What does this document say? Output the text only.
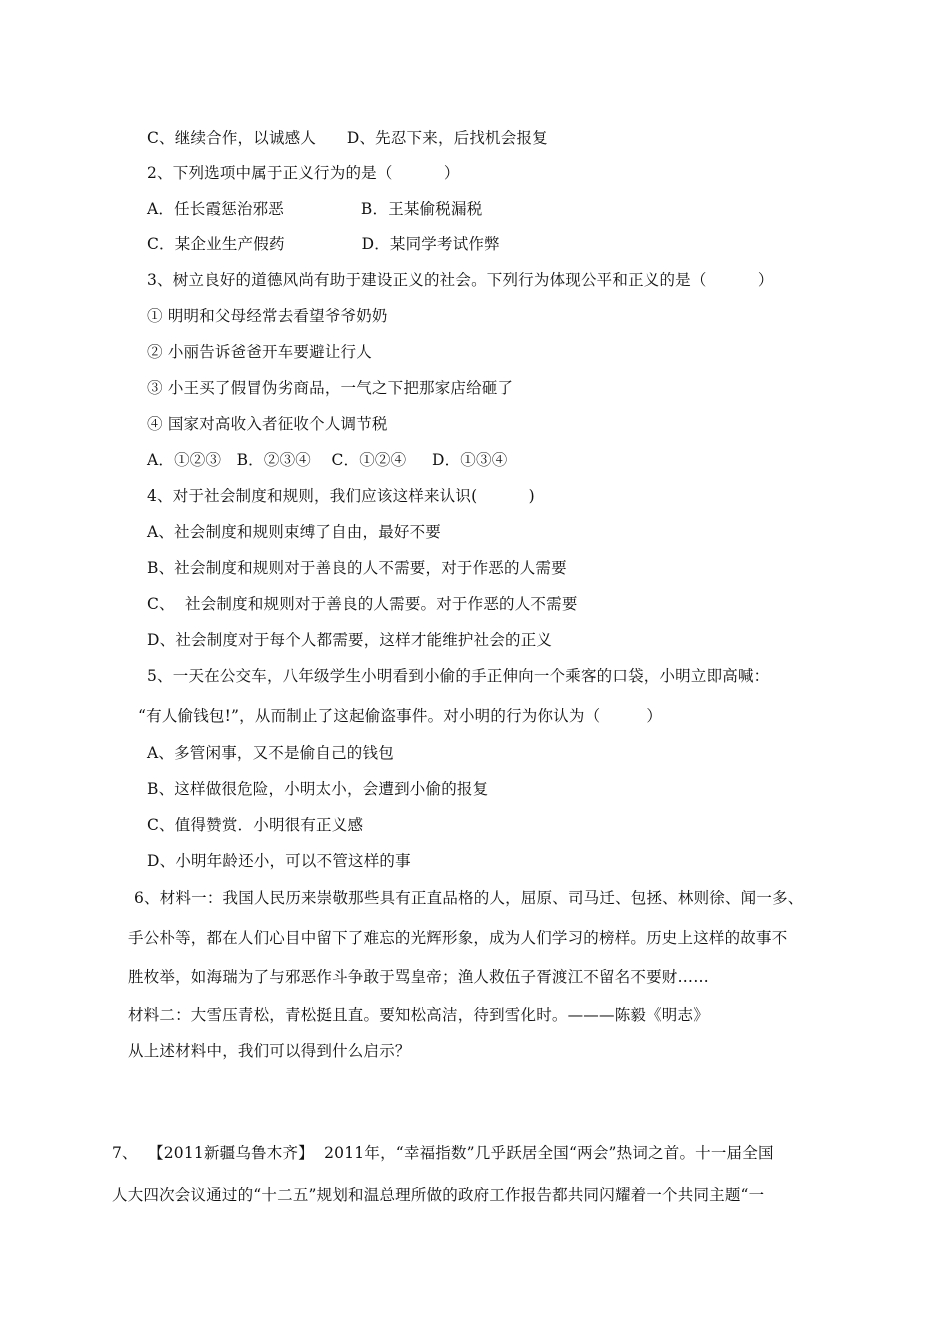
C、继续合作，以诚感人      D、先忍下来，后找机会报复
2、下列选项中属于正义行为的是（          ）
A．任长霞惩治邪恶               B．王某偷税漏税
C．某企业生产假药               D．某同学考试作弊
3、树立良好的道德风尚有助于建设正义的社会。下列行为体现公平和正义的是（          ）
① 明明和父母经常去看望爷爷奶奶
② 小丽告诉爸爸开车要避让行人
③ 小王买了假冒伪劣商品，一气之下把那家店给砸了
④ 国家对高收入者征收个人调节税
A．①②③   B．②③④    C．①②④     D．①③④
4、对于社会制度和规则，我们应该这样来认识(          )
A、社会制度和规则束缚了自由，最好不要
B、社会制度和规则对于善良的人不需要，对于作恶的人需要
C、  社会制度和规则对于善良的人需要。对于作恶的人不需要
D、社会制度对于每个人都需要，这样才能维护社会的正义
5、一天在公交车，八年级学生小明看到小偷的手正伸向一个乘客的口袋，小明立即高喊：
“有人偷钱包!”，从而制止了这起偷盗事件。对小明的行为你认为（         ）
A、多管闲事，又不是偷自己的钱包
B、这样做很危险，小明太小，会遭到小偷的报复
C、值得赞赏．小明很有正义感
D、小明年龄还小，可以不管这样的事
6、材料一：我国人民历来崇敬那些具有正直品格的人，屈原、司马迁、包拯、林则徐、闻一多、
手公朴等，都在人们心目中留下了难忘的光辉形象，成为人们学习的榜样。历史上这样的故事不
胜枚举，如海瑞为了与邪恶作斗争敢于骂皇帝；渔人救伍子胥渡江不留名不要财……
材料二：大雪压青松，青松挺且直。要知松高洁，待到雪化时。———陈毅《明志》
从上述材料中，我们可以得到什么启示？
7、  【2011新疆乌鲁木齐】  2011年，“幸福指数”几乎跃居全国“两会”热词之首。十一届全国
人大四次会议通过的“十二五”规划和温总理所做的政府工作报告都共同闪耀着一个共同主题“一
